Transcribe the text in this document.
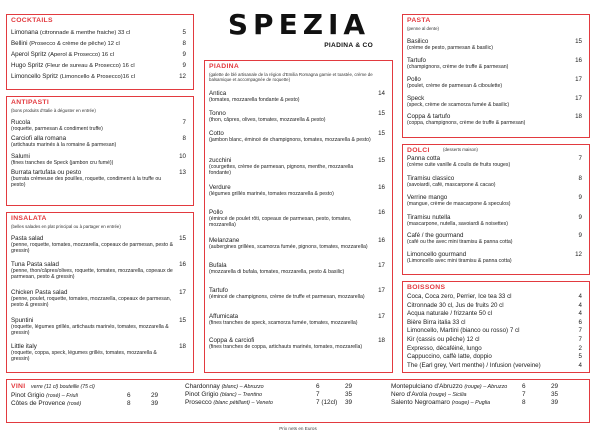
SPEZIA
PIADINA & CO
COCKTAILS
Limonana (citronnade & menthe fraiche) 33 cl	5
Bellini (Prosecco & crème de pêche) 12 cl	8
Aperol Spritz (Aperol & Prosecco) 16 cl	9
Hugo Spritz (Fleur de sureau & Prosecco) 16 cl	9
Limoncello Spritz (Limoncello & Prosecco)16 cl	12
ANTIPASTI
(bons produits d'Italie à déguster en entrée)
Rucola	7
(roquette, parmesan & condiment truffe)
Carciofi alla romana	8
(artichauts marinés à la romaine & parmesan)
Salumi	10
(fines tranches de Speck (jambon cru fumé))
Burrata tartufata ou pesto	13
(burrata crémeuse des pouilles, roquette, condiment à la truffe ou pesto)
INSALATA
(belles salades en plat principal ou à partager en entrée)
Pasta salad	15
(penne, roquette, tomates, mozzarella, copeaux de parmesan, pesto & gressin)
Tuna Pasta salad	16
(penne, thon/câpres/olives, roquette, tomates, mozzarella, copeaux de parmesan, pesto & gressin)
Chicken Pasta salad	17
(penne, poulet, roquette, tomates, mozzarella, copeaux de parmesan, pesto & gressin)
Spuntini	15
(roquette, légumes grillés, artichauts marinés, tomates, mozzarella & gressin)
Little italy	18
(roquette, coppa, speck, légumes grillés, tomates, mozzarella & gressin)
PIADINA
(galette de blé artisanale de la région d'Emilia Romagna garnie et toastée, crème de balsamique et accompagnée de roquette)
Antica	14
(tomates, mozzarella fondante & pesto)
Tonno	15
(thon, câpres, olives, tomates, mozzarella & pesto)
Cotto	15
(jambon blanc, émincé de champignons, tomates, mozzarella & pesto)
zucchini	15
(courgettes, crème de parmesan, pignons, menthe, mozzarella fondante)
Verdure	16
(légumes grillés marinés, tomates mozzarella & pesto)
Pollo	16
(émincé de poulet rôti, copeaux de parmesan, pesto, tomates, mozzarella)
Melanzane	16
(aubergines grillées, scamorza fumée, pignons, tomates, mozzarella)
Bufala	17
(mozzarella di bufala, tomates, mozzarella, pesto & basilic)
Tartufo	17
(émincé de champignons, crème de truffe et parmesan, mozzarella)
Affumicata	17
(fines tranches de speck, scamorza fumée, tomates, mozzarella)
Coppa & carciofi	18
(fines tranches de coppa, artichauts marinés, tomates, mozzarella)
PASTA
(penne al dente)
Basilico	15
(crème de pesto, parmesan & basilic)
Tartufo	16
(champignons, crème de truffe & parmesan)
Pollo	17
(poulet, crème de parmesan & ciboulette)
Speck	17
(speck, crème de scamorza fumée & basilic)
Coppa & tartufo	18
(coppa, champignons, crème de truffe & parmesan)
DOLCI	(desserts maison)
Panna cotta	7
(crème cuite vanille & coulis de fruits rouges)
Tiramisu classico	8
(savoiardi, café, mascarpone & cacao)
Verrine mango	9
(mangue, crème de mascarpone & speculos)
Tiramisu nutella	9
(mascarpone, nutella, savoiardi & noisettes)
Café / the gourmand	9
(café ou the avec mini tiramisu & panna cotta)
Limoncello gourmand	12
(Limoncello avec mini tiramisu & panna cotta)
BOISSONS
Coca, Coca zero, Perrier, Ice tea 33 cl	4
Citronnade 30 cl, Jus de fruits 20 cl	4
Acqua naturale / frizzante 50 cl	4
Bière Birra italia 33 cl	6
Limoncello, Martini (bianco ou rosso) 7 cl	7
Kir (cassis ou pêche) 12 cl	7
Expresso, décaféiné, lungo	2
Cappuccino, caffè latte, doppio	5
The (Earl grey, Vert menthe) / Infusion (verveine)	4
VINI verre (11 cl) bouteille (75 cl)
Pinot Grigio (rosé) – Friuli	6	29
Côtes de Provence (rosé)	8	39
Chardonnay (blanc) – Abruzzo	6	29
Pinot Grigio (blanc) – Trentino	7	35
Prosecco (blanc pétillant) – Veneto	7 (12cl) 39
Montepulciano d'Abruzzo (rouge) – Abruzzo 6	29
Nero d'Avola (rouge) – Sicilia	7	35
Salento Negroamaro (rouge) – Puglia	8	39
Prix nets en Euros
